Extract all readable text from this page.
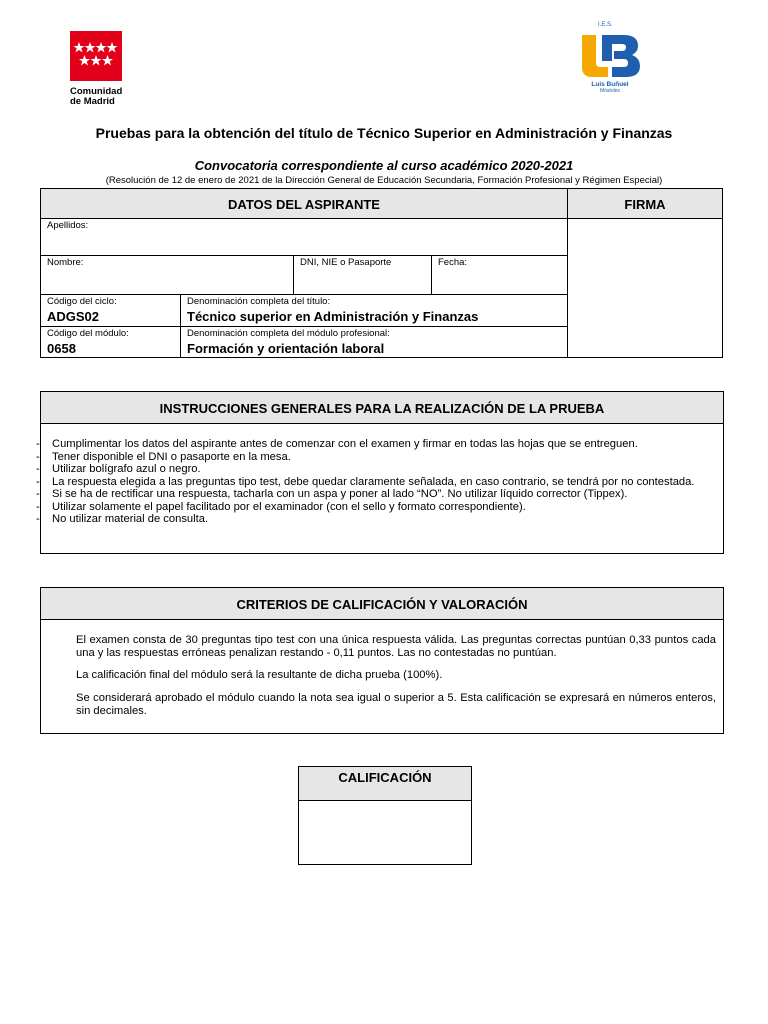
Comunidad de Madrid
I.E.S.
Luis Buñuel
Móstoles
Pruebas para la obtención del título de Técnico Superior en Administración y Finanzas
Convocatoria correspondiente al curso académico 2020-2021
(Resolución de 12 de enero de 2021 de la Dirección General de Educación Secundaria, Formación Profesional y Régimen Especial)
DATOS DEL ASPIRANTE	FIRMA
Apellidos:
Nombre:	DNI, NIE o Pasaporte	Fecha:
Código del ciclo:
ADGS02
Denominación completa del título:
Técnico superior en Administración y Finanzas
Código del módulo:
0658
Denominación completa del módulo profesional:
Formación y orientación laboral
INSTRUCCIONES GENERALES PARA LA REALIZACIÓN DE LA PRUEBA
- Cumplimentar los datos del aspirante antes de comenzar con el examen y firmar en todas las hojas que se entreguen.
- Tener disponible el DNI o pasaporte en la mesa.
- Utilizar bolígrafo azul o negro.
- La respuesta elegida a las preguntas tipo test, debe quedar claramente señalada, en caso contrario, se tendrá por no contestada.
- Si se ha de rectificar una respuesta, tacharla con un aspa y poner al lado “NO”. No utilizar líquido corrector (Tippex).
- Utilizar solamente el papel facilitado por el examinador (con el sello y formato correspondiente).
- No utilizar material de consulta.
CRITERIOS DE CALIFICACIÓN Y VALORACIÓN

El examen consta de 30 preguntas tipo test con una única respuesta válida. Las preguntas correctas puntúan 0,33 puntos cada una y las respuestas erróneas penalizan restando - 0,11 puntos. Las no contestadas no puntúan.

La calificación final del módulo será la resultante de dicha prueba (100%).

Se considerará aprobado el módulo cuando la nota sea igual o superior a 5. Esta calificación se expresará en números enteros, sin decimales.

CALIFICACIÓN
